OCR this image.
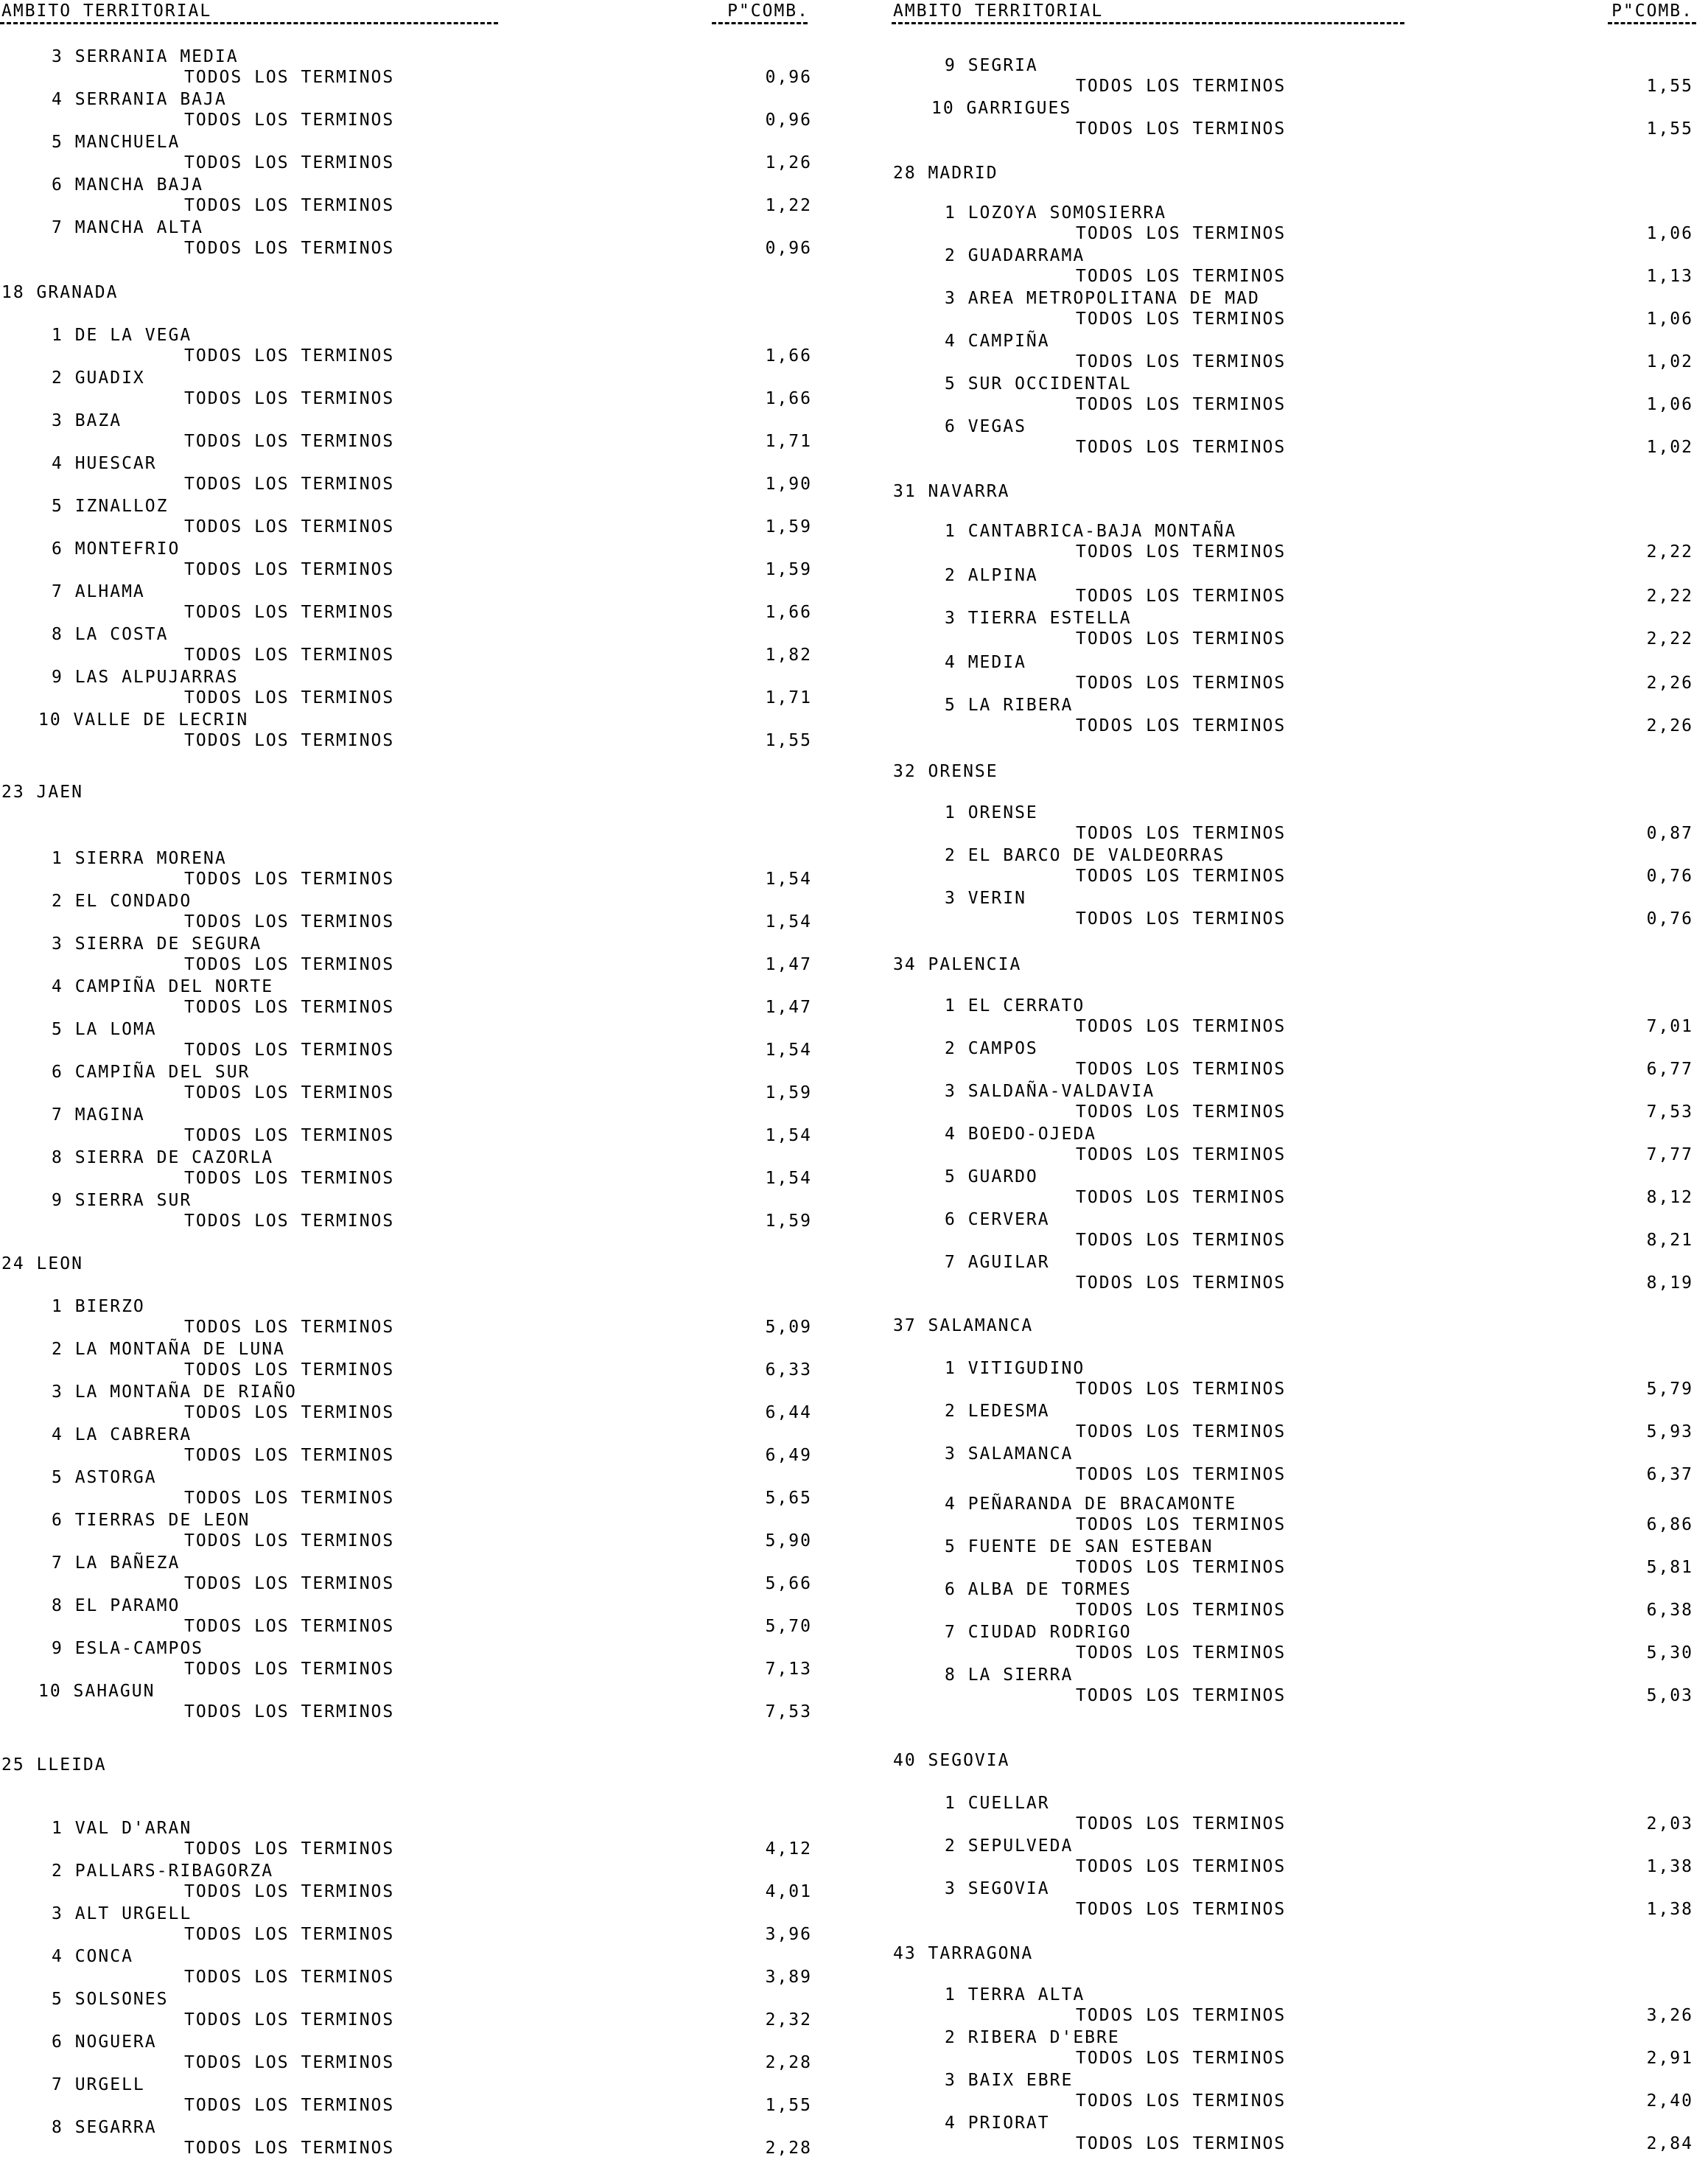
AMBITO TERRITORIAL

	P"COMB.

3 SERRANIA MEDIA
TODOS LOS TERMINOS	0,96
4 SERRANIA BAJA
TODOS LOS TERMINOS	0,96
5 MANCHUELA
TODOS LOS TERMINOS	1,26
6 MANCHA BAJA
TODOS LOS TERMINOS	1,22
7 MANCHA ALTA
TODOS LOS TERMINOS	0,96
18 GRANADA
1 DE LA VEGA
TODOS LOS TERMINOS	1,66
2 GUADIX
TODOS LOS TERMINOS	1,66
3 BAZA
TODOS LOS TERMINOS	1,71
4 HUESCAR
TODOS LOS TERMINOS	1,90
5 IZNALLOZ
TODOS LOS TERMINOS	1,59
6 MONTEFRIO
TODOS LOS TERMINOS	1,59
7 ALHAMA
TODOS LOS TERMINOS	1,66
8 LA COSTA
TODOS LOS TERMINOS	1,82
9 LAS ALPUJARRAS
TODOS LOS TERMINOS	1,71
10 VALLE DE LECRIN
TODOS LOS TERMINOS	1,55
23 JAEN
1 SIERRA MORENA
TODOS LOS TERMINOS	1,54
2 EL CONDADO
TODOS LOS TERMINOS	1,54
3 SIERRA DE SEGURA
TODOS LOS TERMINOS	1,47
4 CAMPIÑA DEL NORTE
TODOS LOS TERMINOS	1,47
5 LA LOMA
TODOS LOS TERMINOS	1,54
6 CAMPIÑA DEL SUR
TODOS LOS TERMINOS	1,59
7 MAGINA
TODOS LOS TERMINOS	1,54
8 SIERRA DE CAZORLA
TODOS LOS TERMINOS	1,54
9 SIERRA SUR
TODOS LOS TERMINOS	1,59
24 LEON
1 BIERZO
TODOS LOS TERMINOS	5,09
2 LA MONTAÑA DE LUNA
TODOS LOS TERMINOS	6,33
3 LA MONTAÑA DE RIAÑO
TODOS LOS TERMINOS	6,44
4 LA CABRERA
TODOS LOS TERMINOS	6,49
5 ASTORGA
TODOS LOS TERMINOS	5,65
6 TIERRAS DE LEON
TODOS LOS TERMINOS	5,90
7 LA BAÑEZA
TODOS LOS TERMINOS	5,66
8 EL PARAMO
TODOS LOS TERMINOS	5,70
9 ESLA-CAMPOS
TODOS LOS TERMINOS	7,13
10 SAHAGUN
TODOS LOS TERMINOS	7,53
25 LLEIDA
1 VAL D'ARAN
TODOS LOS TERMINOS	4,12
2 PALLARS-RIBAGORZA
TODOS LOS TERMINOS	4,01
3 ALT URGELL
TODOS LOS TERMINOS	3,96
4 CONCA
TODOS LOS TERMINOS	3,89
5 SOLSONES
TODOS LOS TERMINOS	2,32
6 NOGUERA
TODOS LOS TERMINOS	2,28
7 URGELL
TODOS LOS TERMINOS	1,55
8 SEGARRA
TODOS LOS TERMINOS	2,28

AMBITO TERRITORIAL

	P"COMB.

9 SEGRIA
TODOS LOS TERMINOS	1,55
10 GARRIGUES
TODOS LOS TERMINOS	1,55
28 MADRID
1 LOZOYA SOMOSIERRA
TODOS LOS TERMINOS	1,06
2 GUADARRAMA
TODOS LOS TERMINOS	1,13
3 AREA METROPOLITANA DE MAD
TODOS LOS TERMINOS	1,06
4 CAMPIÑA
TODOS LOS TERMINOS	1,02
5 SUR OCCIDENTAL
TODOS LOS TERMINOS	1,06
6 VEGAS
TODOS LOS TERMINOS	1,02
31 NAVARRA
1 CANTABRICA-BAJA MONTAÑA
TODOS LOS TERMINOS	2,22
2 ALPINA
TODOS LOS TERMINOS	2,22
3 TIERRA ESTELLA
TODOS LOS TERMINOS	2,22
4 MEDIA
TODOS LOS TERMINOS	2,26
5 LA RIBERA
TODOS LOS TERMINOS	2,26
32 ORENSE
1 ORENSE
TODOS LOS TERMINOS	0,87
2 EL BARCO DE VALDEORRAS
TODOS LOS TERMINOS	0,76
3 VERIN
TODOS LOS TERMINOS	0,76
34 PALENCIA
1 EL CERRATO
TODOS LOS TERMINOS	7,01
2 CAMPOS
TODOS LOS TERMINOS	6,77
3 SALDAÑA-VALDAVIA
TODOS LOS TERMINOS	7,53
4 BOEDO-OJEDA
TODOS LOS TERMINOS	7,77
5 GUARDO
TODOS LOS TERMINOS	8,12
6 CERVERA
TODOS LOS TERMINOS	8,21
7 AGUILAR
TODOS LOS TERMINOS	8,19
37 SALAMANCA
1 VITIGUDINO
TODOS LOS TERMINOS	5,79
2 LEDESMA
TODOS LOS TERMINOS	5,93
3 SALAMANCA
TODOS LOS TERMINOS	6,37
4 PEÑARANDA DE BRACAMONTE
TODOS LOS TERMINOS	6,86
5 FUENTE DE SAN ESTEBAN
TODOS LOS TERMINOS	5,81
6 ALBA DE TORMES
TODOS LOS TERMINOS	6,38
7 CIUDAD RODRIGO
TODOS LOS TERMINOS	5,30
8 LA SIERRA
TODOS LOS TERMINOS	5,03
40 SEGOVIA
1 CUELLAR
TODOS LOS TERMINOS	2,03
2 SEPULVEDA
TODOS LOS TERMINOS	1,38
3 SEGOVIA
TODOS LOS TERMINOS	1,38
43 TARRAGONA
1 TERRA ALTA
TODOS LOS TERMINOS	3,26
2 RIBERA D'EBRE
TODOS LOS TERMINOS	2,91
3 BAIX EBRE
TODOS LOS TERMINOS	2,40
4 PRIORAT
TODOS LOS TERMINOS	2,84
